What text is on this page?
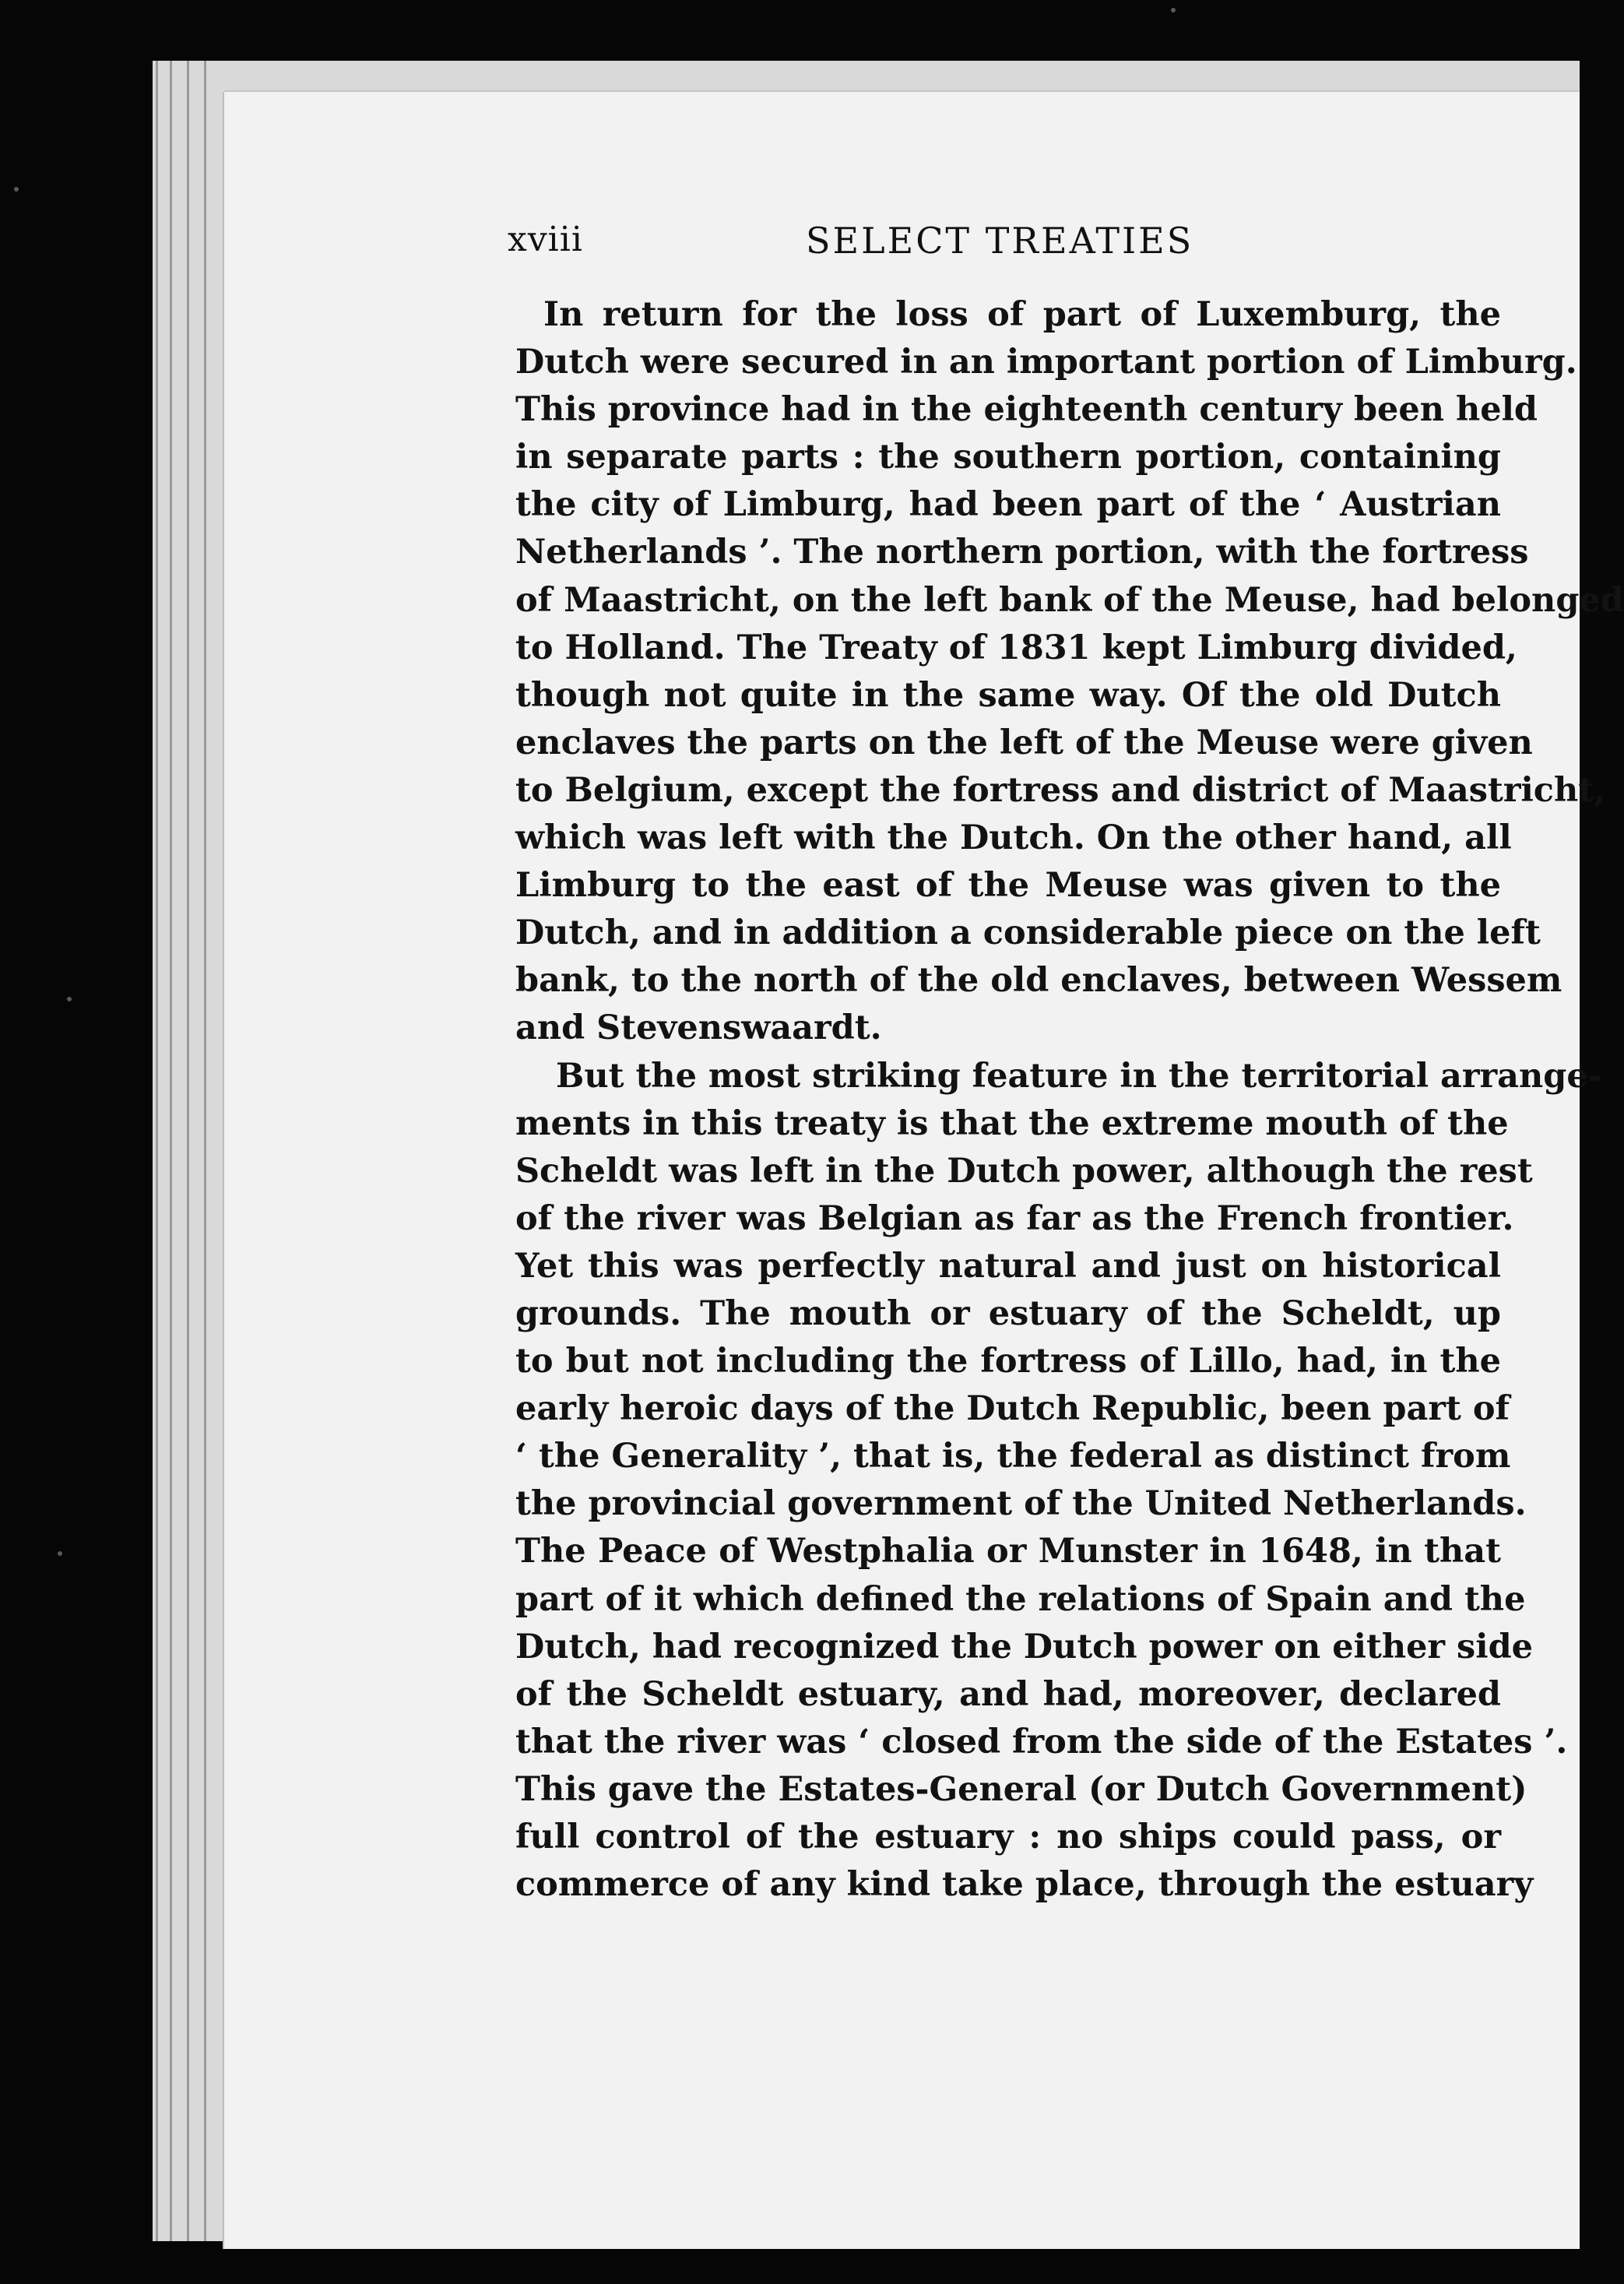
xviii	SELECT TREATIES
In return for the loss of part of Luxemburg, the
Dutch were secured in an important portion of Limburg.
This province had in the eighteenth century been held
in separate parts : the southern portion, containing
the city of Limburg, had been part of the ‘ Austrian
Netherlands ’. The northern portion, with the fortress
of Maastricht, on the left bank of the Meuse, had belonged
to Holland. The Treaty of 1831 kept Limburg divided,
though not quite in the same way. Of the old Dutch
enclaves the parts on the left of the Meuse were given
to Belgium, except the fortress and district of Maastricht,
which was left with the Dutch. On the other hand, all
Limburg to the east of the Meuse was given to the
Dutch, and in addition a considerable piece on the left
bank, to the north of the old enclaves, between Wessem
and Stevenswaardt.
But the most striking feature in the territorial arrange-
ments in this treaty is that the extreme mouth of the
Scheldt was left in the Dutch power, although the rest
of the river was Belgian as far as the French frontier.
Yet this was perfectly natural and just on historical
grounds. The mouth or estuary of the Scheldt, up
to but not including the fortress of Lillo, had, in the
early heroic days of the Dutch Republic, been part of
‘ the Generality ’, that is, the federal as distinct from
the provincial government of the United Netherlands.
The Peace of Westphalia or Munster in 1648, in that
part of it which defined the relations of Spain and the
Dutch, had recognized the Dutch power on either side
of the Scheldt estuary, and had, moreover, declared
that the river was ‘ closed from the side of the Estates ’.
This gave the Estates-General (or Dutch Government)
full control of the estuary : no ships could pass, or
commerce of any kind take place, through the estuary
